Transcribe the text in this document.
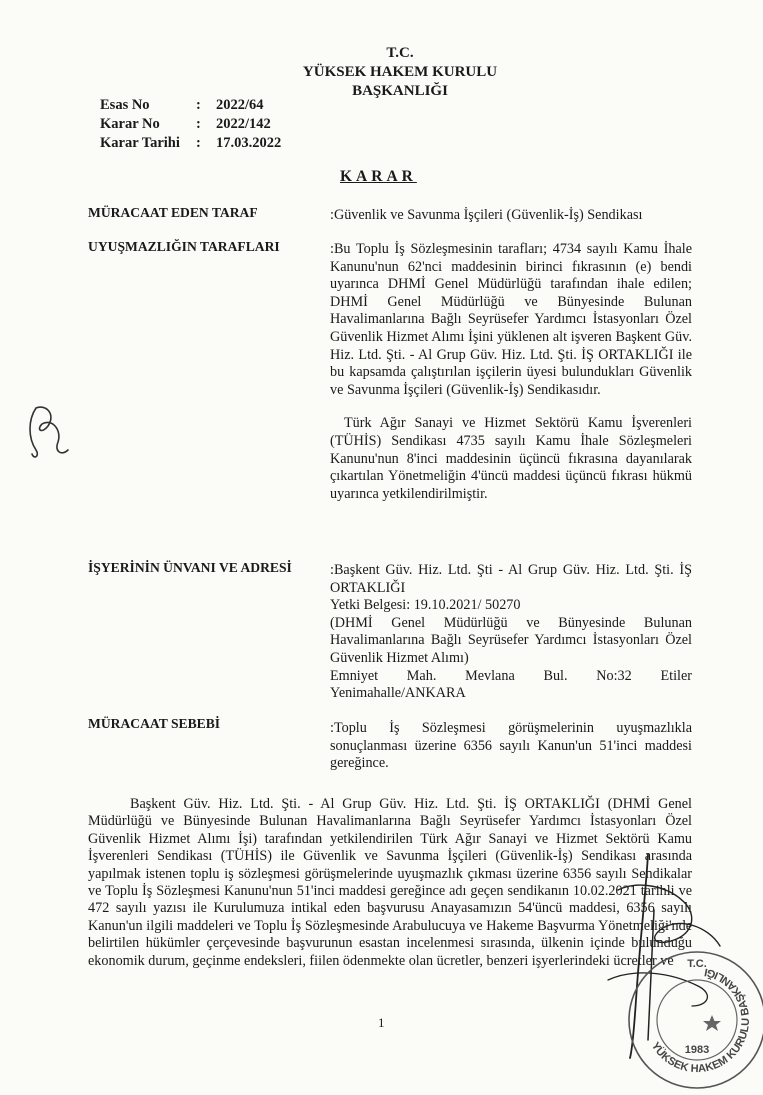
T.C.
YÜKSEK HAKEM KURULU
BAŞKANLIĞI
Esas No	:	2022/64
Karar No	:	2022/142
Karar Tarihi	:	17.03.2022
KARAR
MÜRACAAT EDEN TARAF	:Güvenlik ve Savunma İşçileri (Güvenlik-İş) Sendikası
UYUŞMAZLIĞIN TARAFLARI	:Bu Toplu İş Sözleşmesinin tarafları; 4734 sayılı Kamu İhale Kanunu'nun 62'nci maddesinin birinci fıkrasının (e) bendi uyarınca DHMİ Genel Müdürlüğü tarafından ihale edilen; DHMİ Genel Müdürlüğü ve Bünyesinde Bulunan Havalimanlarına Bağlı Seyrüsefer Yardımcı İstasyonları Özel Güvenlik Hizmet Alımı İşini yüklenen alt işveren Başkent Güv. Hiz. Ltd. Şti. - Al Grup Güv. Hiz. Ltd. Şti. İŞ ORTAKLIĞI ile bu kapsamda çalıştırılan işçilerin üyesi bulundukları Güvenlik ve Savunma İşçileri (Güvenlik-İş) Sendikasıdır.

Türk Ağır Sanayi ve Hizmet Sektörü Kamu İşverenleri (TÜHİS) Sendikası 4735 sayılı Kamu İhale Sözleşmeleri Kanunu'nun 8'inci maddesinin üçüncü fıkrasına dayanılarak çıkartılan Yönetmeliğin 4'üncü maddesi üçüncü fıkrası hükmü uyarınca yetkilendirilmiştir.

İŞYERİNİN ÜNVANI VE ADRESİ	:Başkent Güv. Hiz. Ltd. Şti - Al Grup Güv. Hiz. Ltd. Şti. İŞ ORTAKLIĞI

Yetki Belgesi: 19.10.2021/ 50270

(DHMİ Genel Müdürlüğü ve Bünyesinde Bulunan Havalimanlarına Bağlı Seyrüsefer Yardımcı İstasyonları Özel Güvenlik Hizmet Alımı)

Emniyet Mah. Mevlana Bul. No:32 Etiler Yenimahalle/ANKARA

MÜRACAAT SEBEBİ	:Toplu İş Sözleşmesi görüşmelerinin uyuşmazlıkla sonuçlanması üzerine 6356 sayılı Kanun'un 51'inci maddesi gereğince.

Başkent Güv. Hiz. Ltd. Şti. - Al Grup Güv. Hiz. Ltd. Şti. İŞ ORTAKLIĞI (DHMİ Genel Müdürlüğü ve Bünyesinde Bulunan Havalimanlarına Bağlı Seyrüsefer Yardımcı İstasyonları Özel Güvenlik Hizmet Alımı İşi) tarafından yetkilendirilen Türk Ağır Sanayi ve Hizmet Sektörü Kamu İşverenleri Sendikası (TÜHİS) ile Güvenlik ve Savunma İşçileri (Güvenlik-İş) Sendikası arasında yapılmak istenen toplu iş sözleşmesi görüşmelerinde uyuşmazlık çıkması üzerine 6356 sayılı Sendikalar ve Toplu İş Sözleşmesi Kanunu'nun 51'inci maddesi gereğince adı geçen sendikanın 10.02.2021 tarihli ve 472 sayılı yazısı ile Kurulumuza intikal eden başvurusu Anayasamızın 54'üncü maddesi, 6356 sayılı Kanun'un ilgili maddeleri ve Toplu İş Sözleşmesinde Arabulucuya ve Hakeme Başvurma Yönetmeliği'nde belirtilen hükümler çerçevesinde başvurunun esastan incelenmesi sırasında, ülkenin içinde bulunduğu ekonomik durum, geçinme endeksleri, fiilen ödenmekte olan ücretler, benzeri işyerlerindeki ücretler ve

1
YÜKSEK HAKEM KURULU BAŞKANLIĞI
T.C.
1983
